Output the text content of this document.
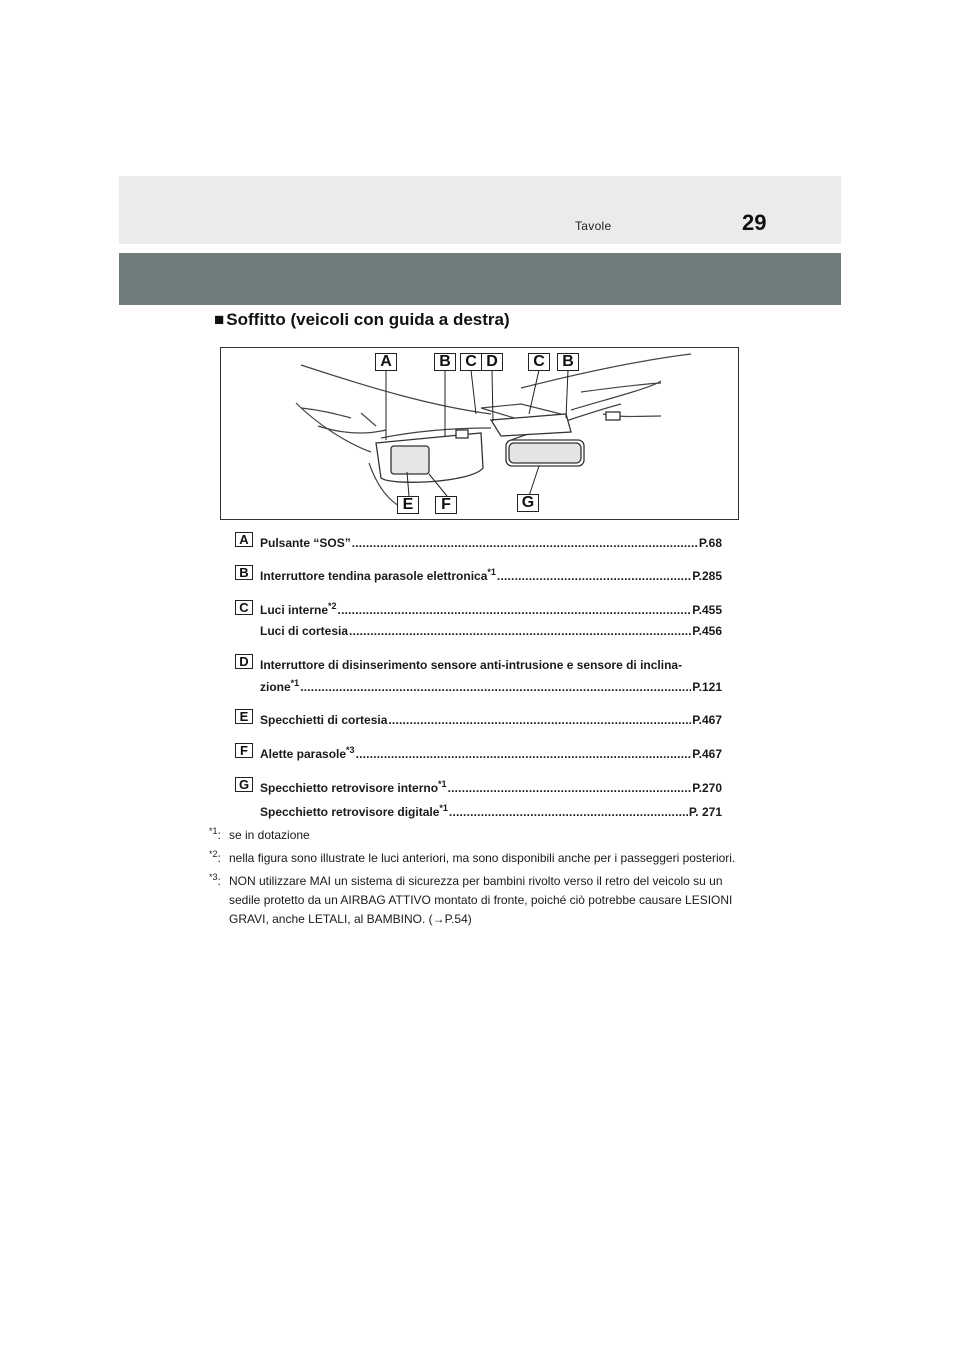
Tavole	29
■ Soffitto (veicoli con guida a destra)
A	B C D	C	B
E	F	G
A Pulsante “SOS” .....	P.68
B Interruttore tendina parasole elettronica$^{*1}$ .....	P.285
C Luci interne$^{*2}$ .....	P.455
Luci di cortesia .....	P.456
D Interruttore di disinserimento sensore anti-intrusione e sensore di inclina-
zione$^{*1}$ .....	P.121
E Specchietti di cortesia .....	P.467
F	Alette parasole$^{*3}$ .....	P.467
G Specchietto retrovisore interno$^{*1}$ .....	P.270
Specchietto retrovisore digitale$^{*1}$ .....	P. 271
$^{*1}$: se in dotazione
$^{*2}$: nella figura sono illustrate le luci anteriori, ma sono disponibili anche per i passeggeri posteriori.
$^{*3}$: NON utilizzare MAI un sistema di sicurezza per bambini rivolto verso il retro del veicolo su un sedile protetto da un AIRBAG ATTIVO montato di fronte, poiché ciò potrebbe causare LESIONI GRAVI, anche LETALI, al BAMBINO. (→P.54)
